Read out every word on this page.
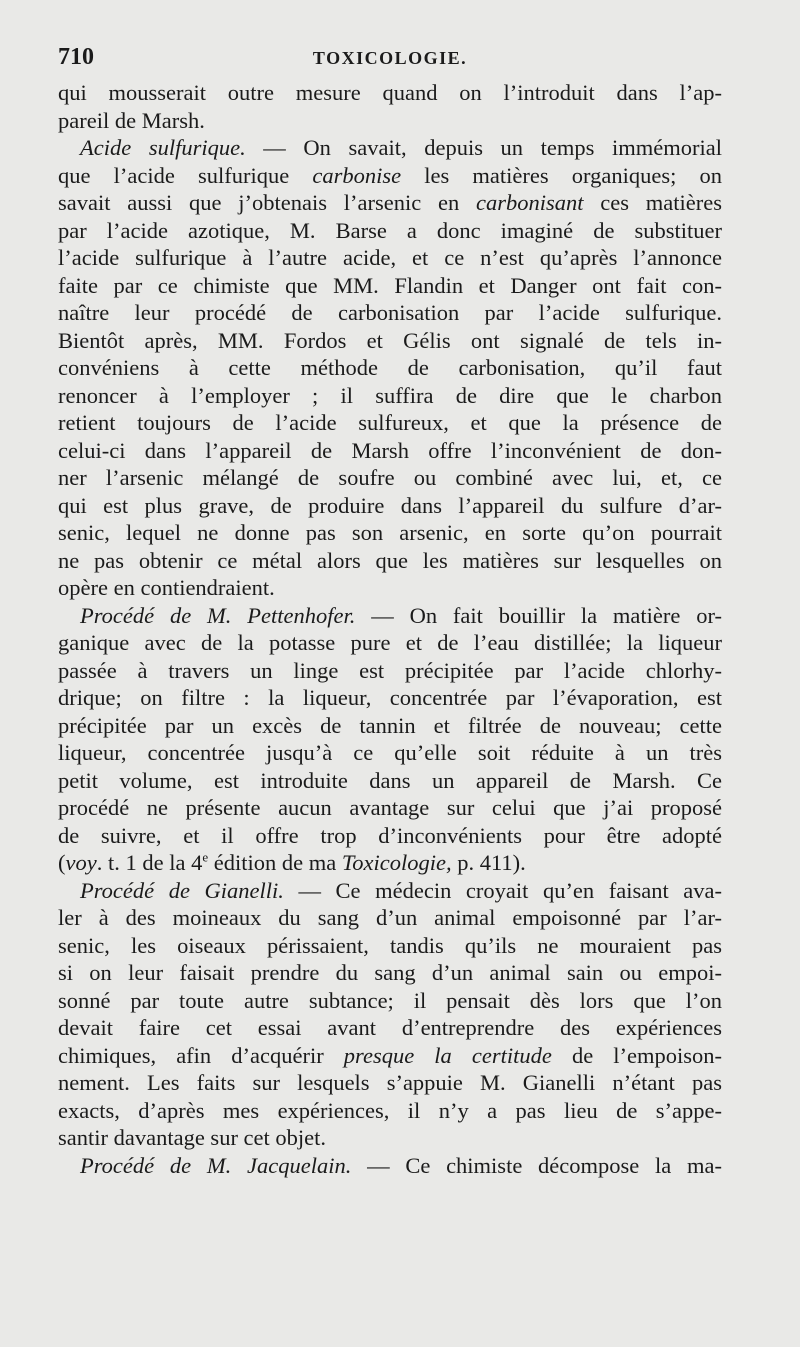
710	TOXICOLOGIE.
qui mousserait outre mesure quand on l’introduit dans l’ap-
pareil de Marsh.
Acide sulfurique. — On savait, depuis un temps immémorial
que l’acide sulfurique carbonise les matières organiques; on
savait aussi que j’obtenais l’arsenic en carbonisant ces matières
par l’acide azotique, M. Barse a donc imaginé de substituer
l’acide sulfurique à l’autre acide, et ce n’est qu’après l’annonce
faite par ce chimiste que MM. Flandin et Danger ont fait con-
naître leur procédé de carbonisation par l’acide sulfurique.
Bientôt après, MM. Fordos et Gélis ont signalé de tels in-
convéniens à cette méthode de carbonisation, qu’il faut
renoncer à l’employer ; il suffira de dire que le charbon
retient toujours de l’acide sulfureux, et que la présence de
celui-ci dans l’appareil de Marsh offre l’inconvénient de don-
ner l’arsenic mélangé de soufre ou combiné avec lui, et, ce
qui est plus grave, de produire dans l’appareil du sulfure d’ar-
senic, lequel ne donne pas son arsenic, en sorte qu’on pourrait
ne pas obtenir ce métal alors que les matières sur lesquelles on
opère en contiendraient.
Procédé de M. Pettenhofer. — On fait bouillir la matière or-
ganique avec de la potasse pure et de l’eau distillée; la liqueur
passée à travers un linge est précipitée par l’acide chlorhy-
drique; on filtre : la liqueur, concentrée par l’évaporation, est
précipitée par un excès de tannin et filtrée de nouveau; cette
liqueur, concentrée jusqu’à ce qu’elle soit réduite à un très
petit volume, est introduite dans un appareil de Marsh. Ce
procédé ne présente aucun avantage sur celui que j’ai proposé
de suivre, et il offre trop d’inconvénients pour être adopté
(voy. t. 1 de la 4e édition de ma Toxicologie, p. 411).
Procédé de Gianelli. — Ce médecin croyait qu’en faisant ava-
ler à des moineaux du sang d’un animal empoisonné par l’ar-
senic, les oiseaux périssaient, tandis qu’ils ne mouraient pas
si on leur faisait prendre du sang d’un animal sain ou empoi-
sonné par toute autre subtance; il pensait dès lors que l’on
devait faire cet essai avant d’entreprendre des expériences
chimiques, afin d’acquérir presque la certitude de l’empoison-
nement. Les faits sur lesquels s’appuie M. Gianelli n’étant pas
exacts, d’après mes expériences, il n’y a pas lieu de s’appe-
santir davantage sur cet objet.
Procédé de M. Jacquelain. — Ce chimiste décompose la ma-
